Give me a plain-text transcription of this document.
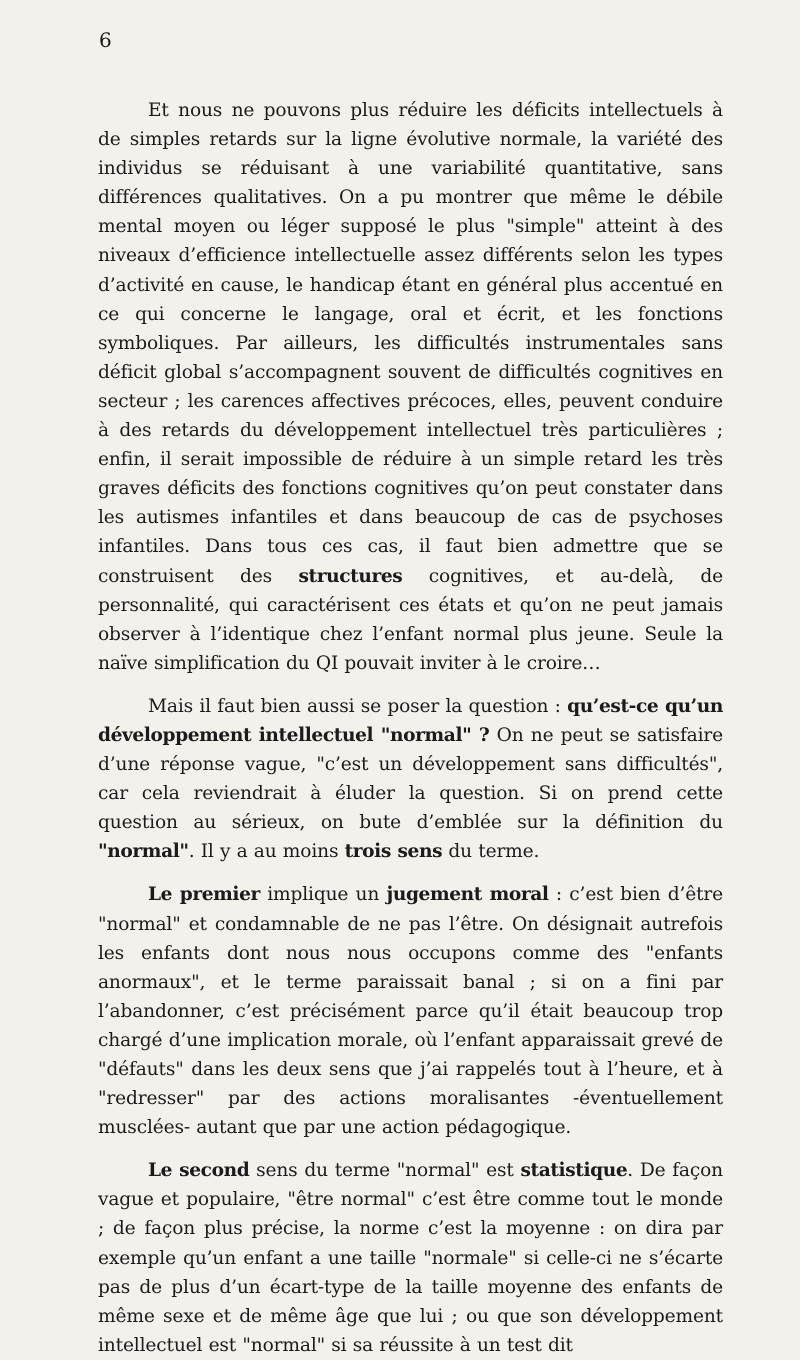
6

Et nous ne pouvons plus réduire les déficits intellectuels à de simples retards sur la ligne évolutive normale, la variété des individus se réduisant à une variabilité quantitative, sans différences qualitatives. On a pu montrer que même le débile mental moyen ou léger supposé le plus "simple" atteint à des niveaux d’efficience intellectuelle assez différents selon les types d’activité en cause, le handicap étant en général plus accentué en ce qui concerne le langage, oral et écrit, et les fonctions symboliques. Par ailleurs, les difficultés instrumentales sans déficit global s’accompagnent souvent de difficultés cognitives en secteur ; les carences affectives précoces, elles, peuvent conduire à des retards du développement intellectuel très particulières ; enfin, il serait impossible de réduire à un simple retard les très graves déficits des fonctions cognitives qu’on peut constater dans les autismes infantiles et dans beaucoup de cas de psychoses infantiles. Dans tous ces cas, il faut bien admettre que se construisent des structures cognitives, et au-delà, de personnalité, qui caractérisent ces états et qu’on ne peut jamais observer à l’identique chez l’enfant normal plus jeune. Seule la naïve simplification du QI pouvait inviter à le croire…

Mais il faut bien aussi se poser la question : qu’est-ce qu’un développement intellectuel "normal" ? On ne peut se satisfaire d’une réponse vague, "c’est un développement sans difficultés", car cela reviendrait à éluder la question. Si on prend cette question au sérieux, on bute d’emblée sur la définition du "normal". Il y a au moins trois sens du terme.

Le premier implique un jugement moral : c’est bien d’être "normal" et condamnable de ne pas l’être. On désignait autrefois les enfants dont nous nous occupons comme des "enfants anormaux", et le terme paraissait banal ; si on a fini par l’abandonner, c’est précisément parce qu’il était beaucoup trop chargé d’une implication morale, où l’enfant apparaissait grevé de "défauts" dans les deux sens que j’ai rappelés tout à l’heure, et à "redresser" par des actions moralisantes -éventuellement musclées- autant que par une action pédagogique.

Le second sens du terme "normal" est statistique. De façon vague et populaire, "être normal" c’est être comme tout le monde ; de façon plus précise, la norme c’est la moyenne : on dira par exemple qu’un enfant a une taille "normale" si celle-ci ne s’écarte pas de plus d’un écart-type de la taille moyenne des enfants de même sexe et de même âge que lui ; ou que son développement intellectuel est "normal" si sa réussite à un test dit
